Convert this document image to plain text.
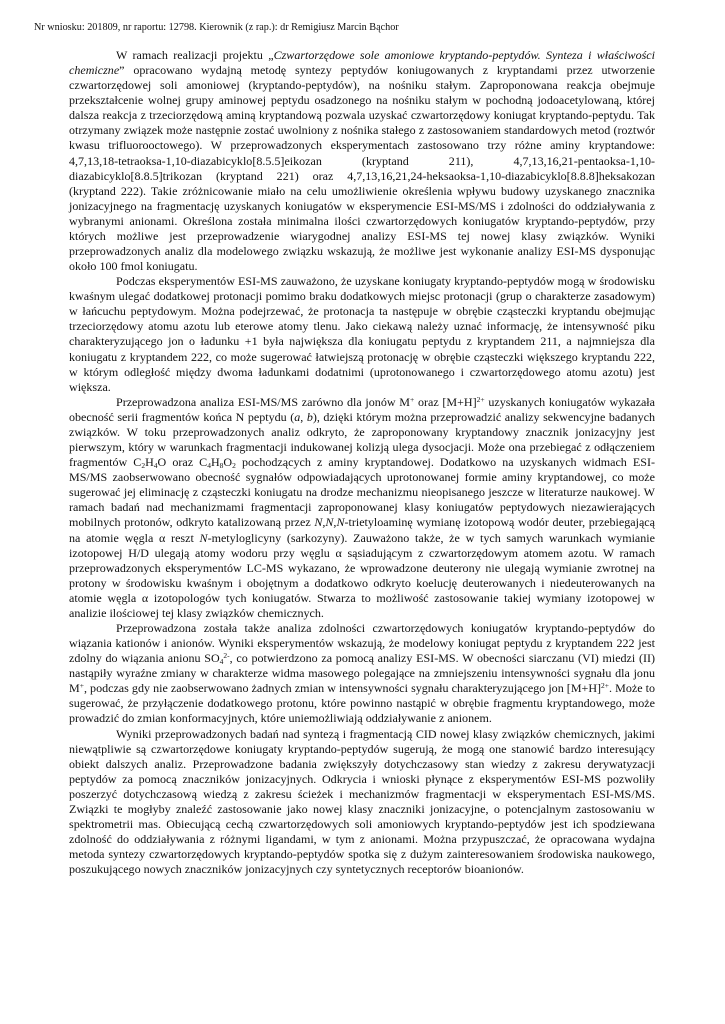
Nr wniosku: 201809, nr raportu: 12798. Kierownik (z rap.): dr Remigiusz Marcin Bąchor

W ramach realizacji projektu „Czwartorzędowe sole amoniowe kryptando-peptydów. Synteza i właściwości chemiczne” opracowano wydajną metodę syntezy peptydów koniugowanych z kryptandami przez utworzenie czwartorzędowej soli amoniowej (kryptando-peptydów), na nośniku stałym. Zaproponowana reakcja obejmuje przekształcenie wolnej grupy aminowej peptydu osadzonego na nośniku stałym w pochodną jodoacetylowaną, której dalsza reakcja z trzeciorzędową aminą kryptandową pozwala uzyskać czwartorzędowy koniugat kryptando-peptydu. Tak otrzymany związek może następnie zostać uwolniony z nośnika stałego z zastosowaniem standardowych metod (roztwór kwasu trifluorooctowego). W przeprowadzonych eksperymentach zastosowano trzy różne aminy kryptandowe: 4,7,13,18-tetraoksa-1,10-diazabicyklo[8.5.5]eikozan (kryptand 211), 4,7,13,16,21-pentaoksa-1,10-diazabicyklo[8.8.5]trikozan (kryptand 221) oraz 4,7,13,16,21,24-heksaoksa-1,10-diazabicyklo[8.8.8]heksakozan (kryptand 222). Takie zróżnicowanie miało na celu umożliwienie określenia wpływu budowy uzyskanego znacznika jonizacyjnego na fragmentację uzyskanych koniugatów w eksperymencie ESI-MS/MS i zdolności do oddziaływania z wybranymi anionami. Określona została minimalna ilości czwartorzędowych koniugatów kryptando-peptydów, przy których możliwe jest przeprowadzenie wiarygodnej analizy ESI-MS tej nowej klasy związków. Wyniki przeprowadzonych analiz dla modelowego związku wskazują, że możliwe jest wykonanie analizy ESI-MS dysponując około 100 fmol koniugatu.

Podczas eksperymentów ESI-MS zauważono, że uzyskane koniugaty kryptando-peptydów mogą w środowisku kwaśnym ulegać dodatkowej protonacji pomimo braku dodatkowych miejsc protonacji (grup o charakterze zasadowym) w łańcuchu peptydowym. Można podejrzewać, że protonacja ta następuje w obrębie cząsteczki kryptandu obejmując trzeciorzędowy atomu azotu lub eterowe atomy tlenu. Jako ciekawą należy uznać informację, że intensywność piku charakteryzującego jon o ładunku +1 była największa dla koniugatu peptydu z kryptandem 211, a najmniejsza dla koniugatu z kryptandem 222, co może sugerować łatwiejszą protonację w obrębie cząsteczki większego kryptandu 222, w którym odległość między dwoma ładunkami dodatnimi (uprotonowanego i czwartorzędowego atomu azotu) jest większa.

Przeprowadzona analiza ESI-MS/MS zarówno dla jonów M+ oraz $[M+H]^{2+}$ uzyskanych koniugatów wykazała obecność serii fragmentów końca N peptydu (a, b), dzięki którym można przeprowadzić analizy sekwencyjne badanych związków. W toku przeprowadzonych analiz odkryto, że zaproponowany kryptandowy znacznik jonizacyjny jest pierwszym, który w warunkach fragmentacji indukowanej kolizją ulega dysocjacji. Może ona przebiegać z odłączeniem fragmentów $C_2H_4O$ oraz $C_4H_8O_2$ pochodzących z aminy kryptandowej. Dodatkowo na uzyskanych widmach ESI-MS/MS zaobserwowano obecność sygnałów odpowiadających uprotonowanej formie aminy kryptandowej, co może sugerować jej eliminację z cząsteczki koniugatu na drodze mechanizmu nieopisanego jeszcze w literaturze naukowej. W ramach badań nad mechanizmami fragmentacji zaproponowanej klasy koniugatów peptydowych niezawierających mobilnych protonów, odkryto katalizowaną przez N,N,N-trietyloaminę wymianę izotopową wodór deuter, przebiegającą na atomie węgla α reszt N-metyloglicyny (sarkozyny). Zauważono także, że w tych samych warunkach wymianie izotopowej H/D ulegają atomy wodoru przy węglu α sąsiadującym z czwartorzędowym atomem azotu. W ramach przeprowadzonych eksperymentów LC-MS wykazano, że wprowadzone deuterony nie ulegają wymianie zwrotnej na protony w środowisku kwaśnym i obojętnym a dodatkowo odkryto koelucję deuterowanych i niedeuterowanych na atomie węgla α izotopologów tych koniugatów. Stwarza to możliwość zastosowanie takiej wymiany izotopowej w analizie ilościowej tej klasy związków chemicznych.

Przeprowadzona została także analiza zdolności czwartorzędowych koniugatów kryptando-peptydów do wiązania kationów i anionów. Wyniki eksperymentów wskazują, że modelowy koniugat peptydu z kryptandem 222 jest zdolny do wiązania anionu $SO_4^{2-}$, co potwierdzono za pomocą analizy ESI-MS. W obecności siarczanu (VI) miedzi (II) nastąpiły wyraźne zmiany w charakterze widma masowego polegające na zmniejszeniu intensywności sygnału dla jonu M+, podczas gdy nie zaobserwowano żadnych zmian w intensywności sygnału charakteryzującego jon $[M+H]^{2+}$. Może to sugerować, że przyłączenie dodatkowego protonu, które powinno nastąpić w obrębie fragmentu kryptandowego, może prowadzić do zmian konformacyjnych, które uniemożliwiają oddziaływanie z anionem.

Wyniki przeprowadzonych badań nad syntezą i fragmentacją CID nowej klasy związków chemicznych, jakimi niewątpliwie są czwartorzędowe koniugaty kryptando-peptydów sugerują, że mogą one stanowić bardzo interesujący obiekt dalszych analiz. Przeprowadzone badania zwiększyły dotychczasowy stan wiedzy z zakresu derywatyzacji peptydów za pomocą znaczników jonizacyjnych. Odkrycia i wnioski płynące z eksperymentów ESI-MS pozwoliły poszerzyć dotychczasową wiedzą z zakresu ścieżek i mechanizmów fragmentacji w eksperymentach ESI-MS/MS. Związki te mogłyby znaleźć zastosowanie jako nowej klasy znaczniki jonizacyjne, o potencjalnym zastosowaniu w spektrometrii mas. Obiecującą cechą czwartorzędowych soli amoniowych kryptando-peptydów jest ich spodziewana zdolność do oddziaływania z różnymi ligandami, w tym z anionami. Można przypuszczać, że opracowana wydajna metoda syntezy czwartorzędowych kryptando-peptydów spotka się z dużym zainteresowaniem środowiska naukowego, poszukującego nowych znaczników jonizacyjnych czy syntetycznych receptorów bioanionów.
